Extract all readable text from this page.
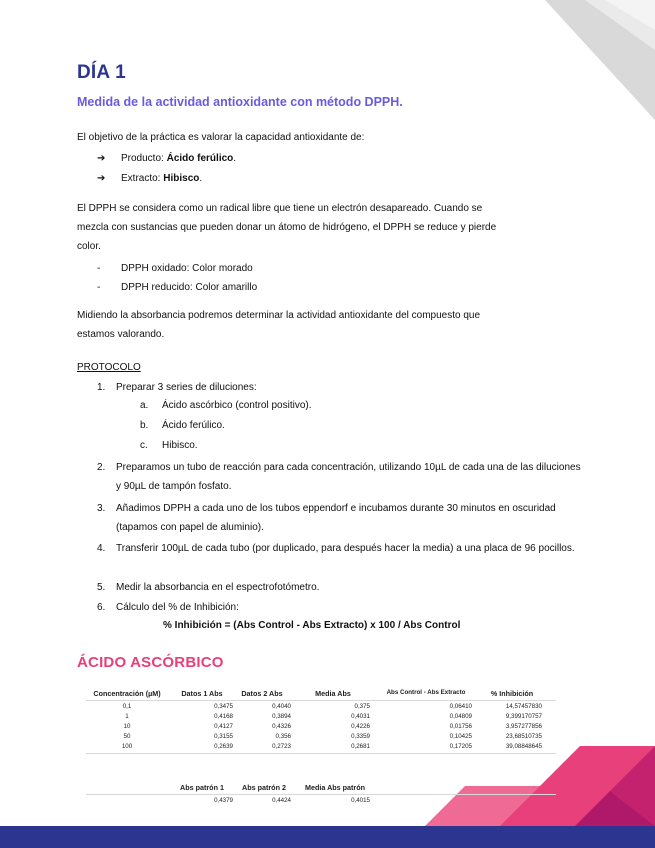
DÍA 1
Medida de la actividad antioxidante con método DPPH.
El objetivo de la práctica es valorar la capacidad antioxidante de:
➔ Producto: Ácido ferúlico.
➔ Extracto: Hibisco.
El DPPH se considera como un radical libre que tiene un electrón desapareado. Cuando se
mezcla con sustancias que pueden donar un átomo de hidrógeno, el DPPH se reduce y pierde
color.
- DPPH oxidado: Color morado
- DPPH reducido: Color amarillo
Midiendo la absorbancia podremos determinar la actividad antioxidante del compuesto que
estamos valorando.
PROTOCOLO
1.	Preparar 3 series de diluciones:
a. Ácido ascórbico (control positivo).
b. Ácido ferúlico.
c. Hibisco.
2.	Preparamos un tubo de reacción para cada concentración, utilizando 10µL de cada una de las diluciones y 90µL de tampón fosfato.
3.	Añadimos DPPH a cada uno de los tubos eppendorf e incubamos durante 30 minutos en oscuridad (tapamos con papel de aluminio).
4.	Transferir 100µL de cada tubo (por duplicado, para después hacer la media) a una placa de 96 pocillos.
5.	Medir la absorbancia en el espectrofotómetro.
6.	Cálculo del % de Inhibición:
% Inhibición = (Abs Control - Abs Extracto) x 100 / Abs Control
ÁCIDO ASCÓRBICO
Concentración (µM)	Datos 1 Abs	Datos 2 Abs	Media Abs	Abs Control - Abs Extracto	% Inhibición
0,1	0,3475	0,4040	0,375	0,06410	14,57457830
1	0,4168	0,3894	0,4031	0,04809	9,399170757
10	0,4127	0,4326	0,4226	0,01756	3,957277856
50	0,3155	0,356	0,3359	0,10425	23,68510735
100	0,2639	0,2723	0,2681	0,17205	39,08848645
Abs patrón 1	Abs patrón 2	Media Abs patrón
0,4379	0,4424	0,4015
